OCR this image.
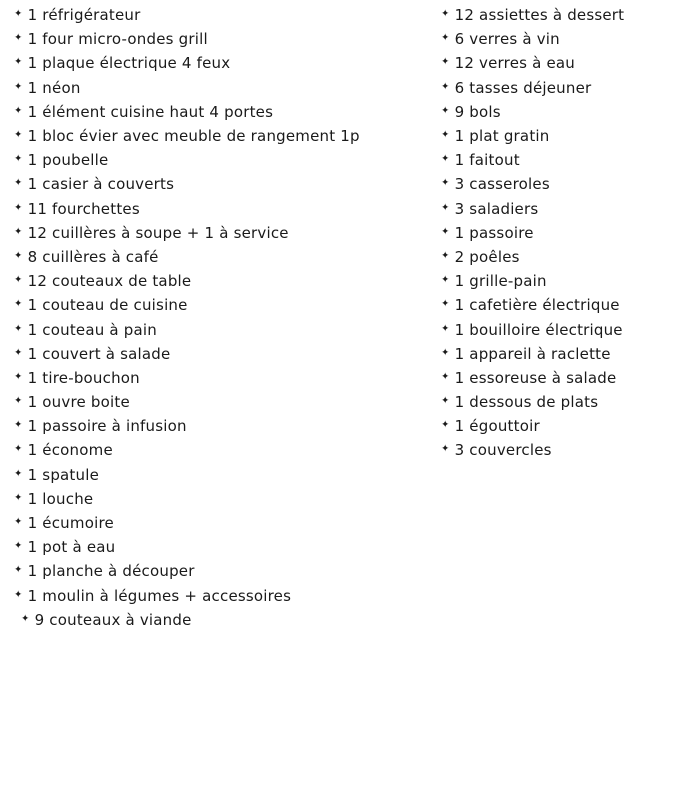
✦ 1 réfrigérateur
✦ 1 four micro-ondes grill
✦ 1 plaque électrique 4 feux
✦ 1 néon
✦ 1 élément cuisine haut 4 portes
✦ 1 bloc évier avec meuble de rangement 1p
✦ 1 poubelle
✦ 1 casier à couverts
✦ 11 fourchettes
✦ 12 cuillères à soupe + 1 à service
✦ 8 cuillères à café
✦ 12 couteaux de table
✦ 1 couteau de cuisine
✦ 1 couteau à pain
✦ 1 couvert à salade
✦ 1 tire-bouchon
✦ 1 ouvre boite
✦ 1 passoire à infusion
✦ 1 économe
✦ 1 spatule
✦ 1 louche
✦ 1 écumoire
✦ 1 pot à eau
✦ 1 planche à découper
✦ 1 moulin à légumes + accessoires
✦ 9 couteaux à viande
✦ 12 assiettes à dessert
✦ 6 verres à vin
✦ 12 verres à eau
✦ 6 tasses déjeuner
✦ 9 bols
✦ 1 plat gratin
✦ 1 faitout
✦ 3 casseroles
✦ 3 saladiers
✦ 1 passoire
✦ 2 poêles
✦ 1 grille-pain
✦ 1 cafetière électrique
✦ 1 bouilloire électrique
✦ 1 appareil à raclette
✦ 1 essoreuse à salade
✦ 1 dessous de plats
✦ 1 égouttoir
✦ 3 couvercles
